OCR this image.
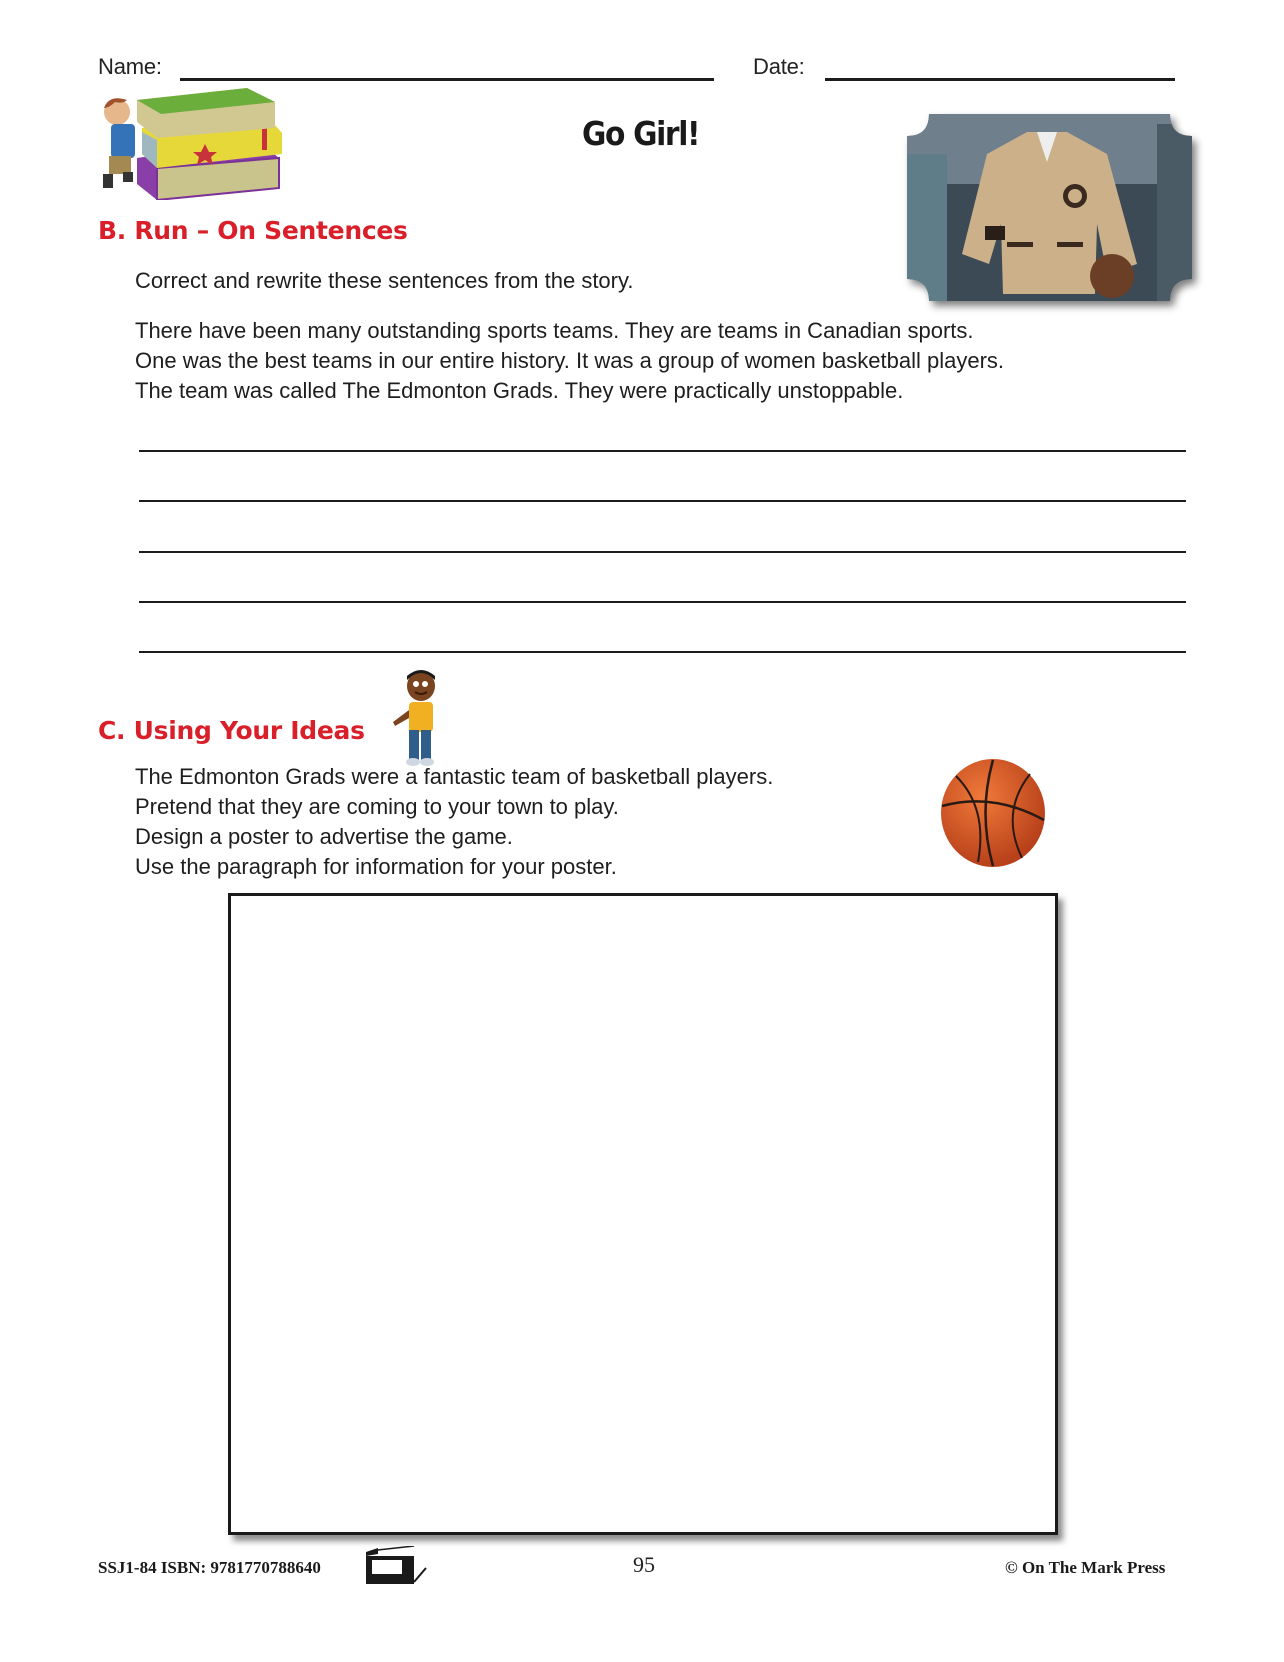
Name:	Date:
Go Girl!
B. Run – On Sentences
Correct and rewrite these sentences from the story.
There have been many outstanding sports teams. They are teams in Canadian sports.
One was the best teams in our entire history. It was a group of women basketball players.
The team was called The Edmonton Grads. They were practically unstoppable.
C. Using Your Ideas
The Edmonton Grads were a fantastic team of basketball players.
Pretend that they are coming to your town to play.
Design a poster to advertise the game.
Use the paragraph for information for your poster.
SSJ1-84 ISBN: 9781770788640	95	© On The Mark Press
